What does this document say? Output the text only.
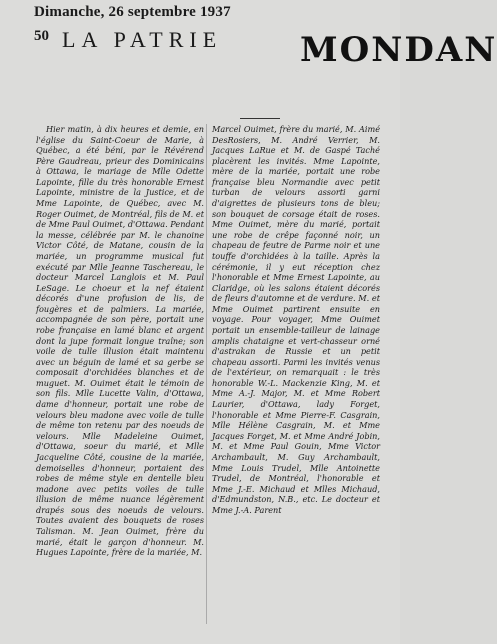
Dimanche, 26 septembre 1937
50 LA PATRIE MONDAN

Hier matin, à dix heures et demie, en l'église du Saint-Coeur de Marie, à Québec, a été béni, par le Révérend Père Gaudreau, prieur des Dominicains à Ottawa, le mariage de Mlle Odette Lapointe, fille du très honorable Ernest Lapointe, ministre de la Justice, et de Mme Lapointe, de Québec, avec M. Roger Ouimet, de Montréal, fils de M. et de Mme Paul Ouimet, d'Ottawa. Pendant la messe, célébrée par M. le chanoine Victor Côté, de Matane, cousin de la mariée, un programme musical fut exécuté par Mlle Jeanne Taschereau, le docteur Marcel Langlois et M. Paul LeSage. Le choeur et la nef étaient décorés d'une profusion de lis, de fougères et de palmiers. La mariée, accompagnée de son père, portait une robe française en lamé blanc et argent dont la jupe formait longue traîne; son voile de tulle illusion était maintenu avec un béguin de lamé et sa gerbe se composait d'orchidées blanches et de muguet. M. Ouimet était le témoin de son fils. Mlle Lucette Valin, d'Ottawa, dame d'honneur, portait une robe de velours bleu madone avec voile de tulle de même ton retenu par des noeuds de velours. Mlle Madeleine Ouimet, d'Ottawa, soeur du marié, et Mlle Jacqueline Côté, cousine de la mariée, demoiselles d'honneur, portaient des robes de même style en dentelle bleu madone avec petits voiles de tulle illusion de même nuance légèrement drapés sous des noeuds de velours. Toutes avaient des bouquets de roses Talisman. M. Jean Ouimet, frère du marié, était le garçon d'honneur. M. Hugues Lapointe, frère de la mariée, M.

Marcel Ouimet, frère du marié, M. Aimé DesRosiers, M. André Verrier, M. Jacques LaRue et M. de Gaspé Taché placèrent les invités. Mme Lapointe, mère de la mariée, portait une robe française bleu Normandie avec petit turban de velours assorti garni d'aigrettes de plusieurs tons de bleu; son bouquet de corsage était de roses. Mme Ouimet, mère du marié, portait une robe de crêpe façonné noir, un chapeau de feutre de Parme noir et une touffe d'orchidées à la taille. Après la cérémonie, il y eut réception chez l'honorable et Mme Ernest Lapointe, au Claridge, où les salons étaient décorés de fleurs d'automne et de verdure. M. et Mme Ouimet partirent ensuite en voyage. Pour voyager, Mme Ouimet portait un ensemble-tailleur de lainage amplis chataigne et vert-chasseur orné d'astrakan de Russie et un petit chapeau assorti. Parmi les invités venus de l'extérieur, on remarquait : le très honorable W.-L. Mackenzie King, M. et Mme A.-J. Major, M. et Mme Robert Laurier, d'Ottawa, lady Forget, l'honorable et Mme Pierre-F. Casgrain, Mlle Hélène Casgrain, M. et Mme Jacques Forget, M. et Mme André Jobin, M. et Mme Paul Gouin, Mme Victor Archambault, M. Guy Archambault, Mme Louis Trudel, Mlle Antoinette Trudel, de Montréal, l'honorable et Mme J.-E. Michaud et Mlles Michaud, d'Edmundston, N.B., etc. Le docteur et Mme J.-A. Parent
